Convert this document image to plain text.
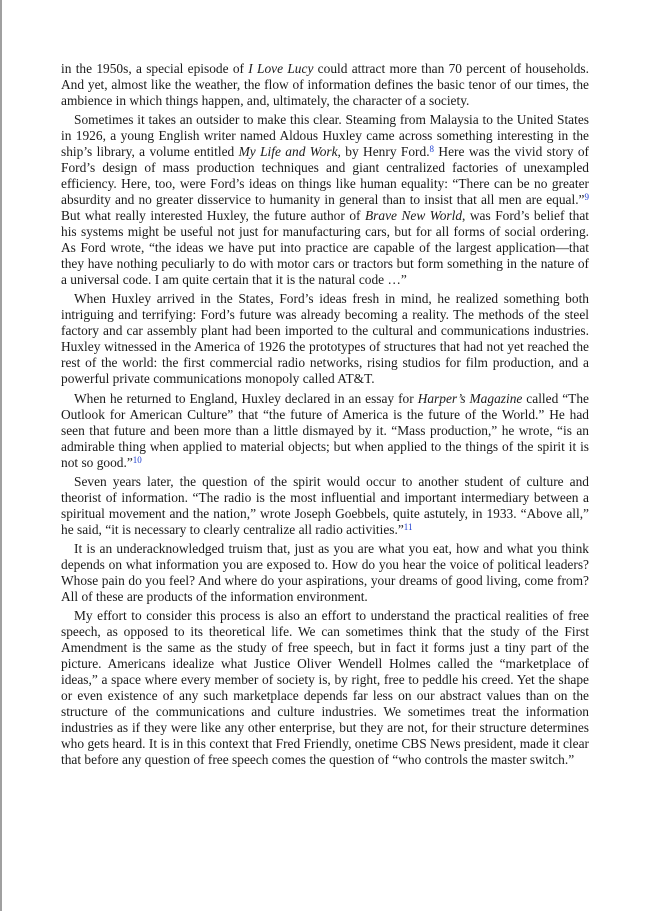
in the 1950s, a special episode of I Love Lucy could attract more than 70 percent of households. And yet, almost like the weather, the flow of information defines the basic tenor of our times, the ambience in which things happen, and, ultimately, the character of a society.

Sometimes it takes an outsider to make this clear. Steaming from Malaysia to the United States in 1926, a young English writer named Aldous Huxley came across something interesting in the ship’s library, a volume entitled My Life and Work, by Henry Ford.$^8$ Here was the vivid story of Ford’s design of mass production techniques and giant centralized factories of unexampled efficiency. Here, too, were Ford’s ideas on things like human equality: “There can be no greater absurdity and no greater disservice to humanity in general than to insist that all men are equal.”$^9$ But what really interested Huxley, the future author of Brave New World, was Ford’s belief that his systems might be useful not just for manufacturing cars, but for all forms of social ordering. As Ford wrote, “the ideas we have put into practice are capable of the largest application—that they have nothing peculiarly to do with motor cars or tractors but form something in the nature of a universal code. I am quite certain that it is the natural code …”

When Huxley arrived in the States, Ford’s ideas fresh in mind, he realized something both intriguing and terrifying: Ford’s future was already becoming a reality. The methods of the steel factory and car assembly plant had been imported to the cultural and communications industries. Huxley witnessed in the America of 1926 the prototypes of structures that had not yet reached the rest of the world: the first commercial radio networks, rising studios for film production, and a powerful private communications monopoly called AT&T.

When he returned to England, Huxley declared in an essay for Harper’s Magazine called “The Outlook for American Culture” that “the future of America is the future of the World.” He had seen that future and been more than a little dismayed by it. “Mass production,” he wrote, “is an admirable thing when applied to material objects; but when applied to the things of the spirit it is not so good.”$^{10}$

Seven years later, the question of the spirit would occur to another student of culture and theorist of information. “The radio is the most influential and important intermediary between a spiritual movement and the nation,” wrote Joseph Goebbels, quite astutely, in 1933. “Above all,” he said, “it is necessary to clearly centralize all radio activities.”$^{11}$

It is an underacknowledged truism that, just as you are what you eat, how and what you think depends on what information you are exposed to. How do you hear the voice of political leaders? Whose pain do you feel? And where do your aspirations, your dreams of good living, come from? All of these are products of the information environment.

My effort to consider this process is also an effort to understand the practical realities of free speech, as opposed to its theoretical life. We can sometimes think that the study of the First Amendment is the same as the study of free speech, but in fact it forms just a tiny part of the picture. Americans idealize what Justice Oliver Wendell Holmes called the “marketplace of ideas,” a space where every member of society is, by right, free to peddle his creed. Yet the shape or even existence of any such marketplace depends far less on our abstract values than on the structure of the communications and culture industries. We sometimes treat the information industries as if they were like any other enterprise, but they are not, for their structure determines who gets heard. It is in this context that Fred Friendly, onetime CBS News president, made it clear that before any question of free speech comes the question of “who controls the master switch.”
